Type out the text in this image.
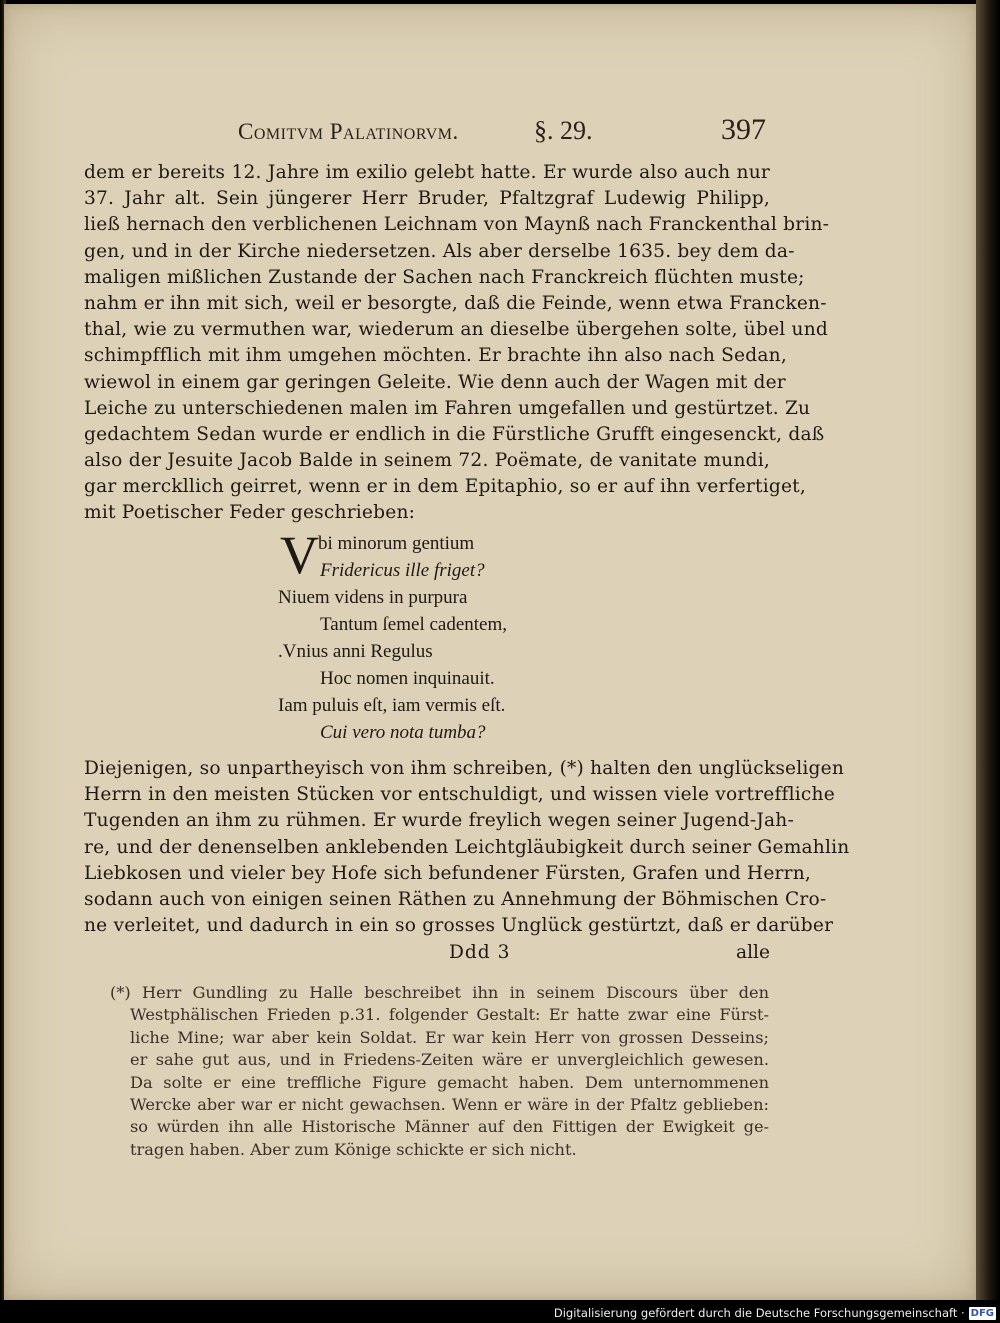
Comitvm Palatinorvm.	§. 29.	397
dem er bereits 12. Jahre im exilio gelebt hatte. Er wurde also auch nur
37. Jahr alt. Sein jüngerer Herr Bruder, Pfaltzgraf Ludewig Philipp,
ließ hernach den verblichenen Leichnam von Maynß nach Franckenthal brin-
gen, und in der Kirche niedersetzen. Als aber derselbe 1635. bey dem da-
maligen mißlichen Zustande der Sachen nach Franckreich flüchten muste;
nahm er ihn mit sich, weil er besorgte, daß die Feinde, wenn etwa Francken-
thal, wie zu vermuthen war, wiederum an dieselbe übergehen solte, übel und
schimpfflich mit ihm umgehen möchten. Er brachte ihn also nach Sedan,
wiewol in einem gar geringen Geleite. Wie denn auch der Wagen mit der
Leiche zu unterschiedenen malen im Fahren umgefallen und gestürtzet. Zu
gedachtem Sedan wurde er endlich in die Fürstliche Grufft eingesenckt, daß
also der Jesuite Jacob Balde in seinem 72. Poëmate, de vanitate mundi,
gar merckllich geirret, wenn er in dem Epitaphio, so er auf ihn verfertiget,
mit Poetischer Feder geschrieben:
V bi minorum gentium
Fridericus ille friget?
Niuem videns in purpura
Tantum ſemel cadentem,
.Vnius anni Regulus
Hoc nomen inquinauit.
Iam puluis eſt, iam vermis eſt.
Cui vero nota tumba?
Diejenigen, so unpartheyisch von ihm schreiben, (*) halten den unglückseligen
Herrn in den meisten Stücken vor entschuldigt, und wissen viele vortreffliche
Tugenden an ihm zu rühmen. Er wurde freylich wegen seiner Jugend-Jah-
re, und der denenselben anklebenden Leichtgläubigkeit durch seiner Gemahlin
Liebkosen und vieler bey Hofe sich befundener Fürsten, Grafen und Herrn,
sodann auch von einigen seinen Räthen zu Annehmung der Böhmischen Cro-
ne verleitet, und dadurch in ein so grosses Unglück gestürtzt, daß er darüber
Ddd 3	alle
(*) Herr Gundling zu Halle beschreibet ihn in seinem Discours über den
Westphälischen Frieden p.31. folgender Gestalt: Er hatte zwar eine Fürst-
liche Mine; war aber kein Soldat. Er war kein Herr von grossen Desseins;
er sahe gut aus, und in Friedens-Zeiten wäre er unvergleichlich gewesen.
Da solte er eine treffliche Figure gemacht haben. Dem unternommenen
Wercke aber war er nicht gewachsen. Wenn er wäre in der Pfaltz geblieben:
so würden ihn alle Historische Männer auf den Fittigen der Ewigkeit ge-
tragen haben. Aber zum Könige schickte er sich nicht.
Digitalisierung gefördert durch die Deutsche Forschungsgemeinschaft · DFG
